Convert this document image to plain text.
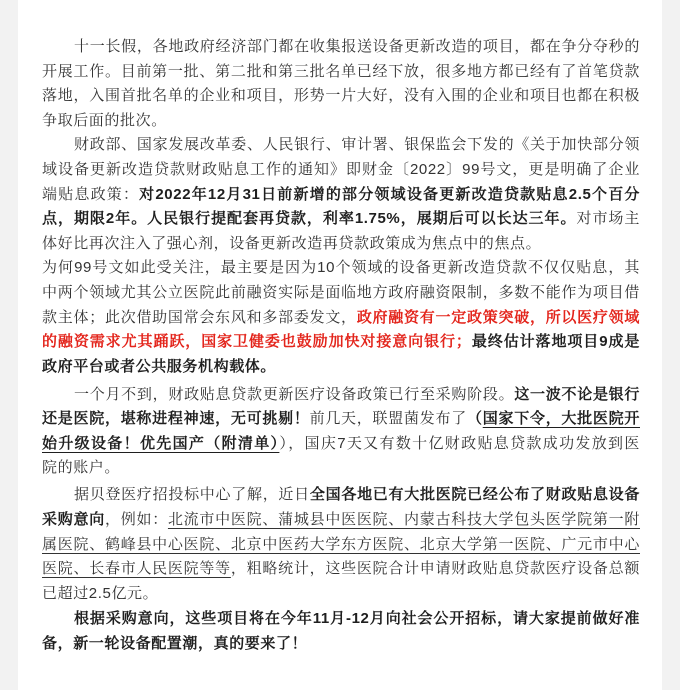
十一长假，各地政府经济部门都在收集报送设备更新改造的项目，都在争分夺秒的
开展工作。目前第一批、第二批和第三批名单已经下放，很多地方都已经有了首笔贷款
落地，入围首批名单的企业和项目，形势一片大好，没有入围的企业和项目也都在积极
争取后面的批次。
财政部、国家发展改革委、人民银行、审计署、银保监会下发的《关于加快部分领
域设备更新改造贷款财政贴息工作的通知》即财金〔2022〕99号文，更是明确了企业
端贴息政策：对2022年12月31日前新增的部分领域设备更新改造贷款贴息2.5个百分
点，期限2年。人民银行提配套再贷款，利率1.75%，展期后可以长达三年。对市场主
体好比再次注入了强心剂，设备更新改造再贷款政策成为焦点中的焦点。
为何99号文如此受关注，最主要是因为10个领域的设备更新改造贷款不仅仅贴息，其
中两个领域尤其公立医院此前融资实际是面临地方政府融资限制，多数不能作为项目借
款主体；此次借助国常会东风和多部委发文，政府融资有一定政策突破，所以医疗领域
的融资需求尤其踊跃，国家卫健委也鼓励加快对接意向银行；最终估计落地项目9成是
政府平台或者公共服务机构载体。
一个月不到，财政贴息贷款更新医疗设备政策已行至采购阶段。这一波不论是银行
还是医院，堪称进程神速，无可挑剔！前几天，联盟菌发布了（国家下令，大批医院开
始升级设备！优先国产（附清单）），国庆7天又有数十亿财政贴息贷款成功发放到医
院的账户。
据贝登医疗招投标中心了解，近日全国各地已有大批医院已经公布了财政贴息设备
采购意向，例如：北流市中医院、蒲城县中医医院、内蒙古科技大学包头医学院第一附
属医院、鹤峰县中心医院、北京中医药大学东方医院、北京大学第一医院、广元市中心
医院、长春市人民医院等等，粗略统计，这些医院合计申请财政贴息贷款医疗设备总额
已超过2.5亿元。
根据采购意向，这些项目将在今年11月-12月向社会公开招标，请大家提前做好准
备，新一轮设备配置潮，真的要来了！
